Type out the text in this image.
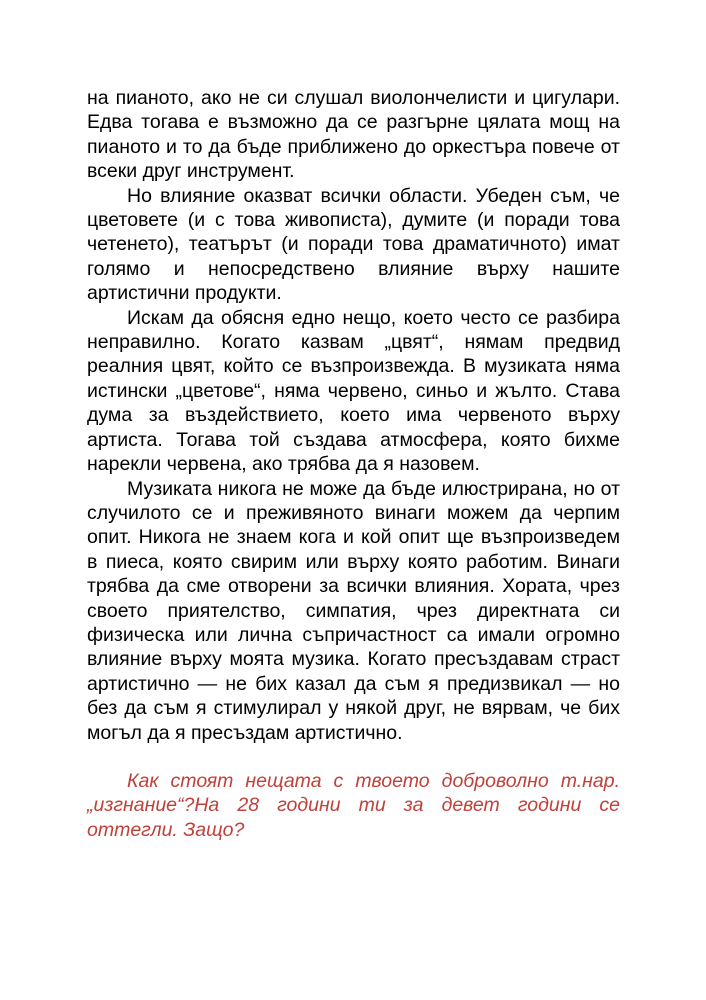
на пианото, ако не си слушал виолончелисти и цигулари. Едва тогава е възможно да се разгърне цялата мощ на пианото и то да бъде приближено до оркестъра повече от всеки друг инструмент.

Но влияние оказват всички области. Убеден съм, че цветовете (и с това живописта), думите (и поради това четенето), театърът (и поради това драматичното) имат голямо и непосредствено влияние върху нашите артистични продукти.

Искам да обясня едно нещо, което често се разбира неправилно. Когато казвам „цвят“, нямам предвид реалния цвят, който се възпроизвежда. В музиката няма истински „цветове“, няма червено, синьо и жълто. Става дума за въздействието, което има червеното върху артиста. Тогава той създава атмосфера, която бихме нарекли червена, ако трябва да я назовем.

Музиката никога не може да бъде илюстрирана, но от случилото се и преживяното винаги можем да черпим опит. Никога не знаем кога и кой опит ще възпроизведем в пиеса, която свирим или върху която работим. Винаги трябва да сме отворени за всички влияния. Хората, чрез своето приятелство, симпатия, чрез директната си физическа или лична съпричастност са имали огромно влияние върху моята музика. Когато пресъздавам страст артистично — не бих казал да съм я предизвикал — но без да съм я стимулирал у някой друг, не вярвам, че бих могъл да я пресъздам артистично.

Как стоят нещата с твоето доброволно т.нар. „изгнание“?На 28 години ти за девет години се оттегли. Защо?
